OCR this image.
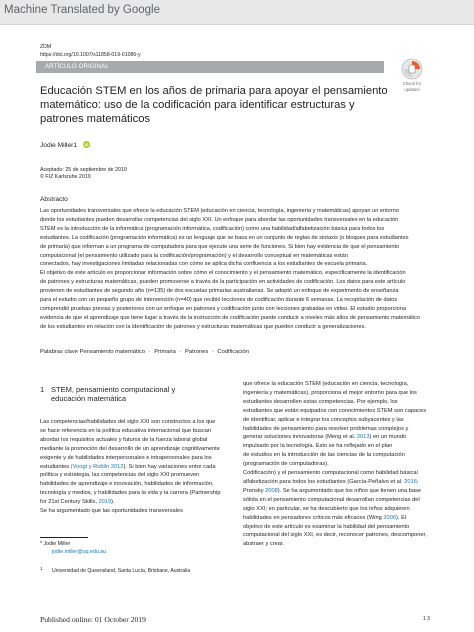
Machine Translated by Google
ZDM
https://doi.org/10.1007/s11858-019-01086-y
ARTÍCULO ORIGINAL
Check for
updates
Educación STEM en los años de primaria para apoyar el pensamiento
matemático: uso de la codificación para identificar estructuras y
patrones matemáticos
Jodie Miller1	iD
Aceptado: 25 de septiembre de 2019
© FIZ Karlsruhe 2019
Abstracto
Las oportunidades transversales que ofrece la educación STEM (educación en ciencia, tecnología, ingeniería y matemáticas) apoyan un entorno
donde los estudiantes pueden desarrollar competencias del siglo XXI. Un enfoque para abordar las oportunidades transversales en la educación
STEM es la introducción de la informática (programación informática, codificación) como una habilidad/alfabetización básica para todos los
estudiantes. La codificación (programación informática) es un lenguaje que se basa en un conjunto de reglas de sintaxis (o bloques para estudiantes
de primaria) que informan a un programa de computadora para que ejecute una serie de funciones. Si bien hay evidencia de que el pensamiento
computacional (el pensamiento utilizado para la codificación/programación) y el desarrollo conceptual en matemáticas están
conectados, hay investigaciones limitadas relacionadas con cómo se aplica dicha confluencia a los estudiantes de escuela primaria.
El objetivo de este artículo es proporcionar información sobre cómo el conocimiento y el pensamiento matemático, específicamente la identificación
de patrones y estructuras matemáticas, pueden promoverse a través de la participación en actividades de codificación. Los datos para este artículo
provienen de estudiantes de segundo año (n=135) de dos escuelas primarias australianas. Se adoptó un enfoque de experimento de enseñanza
para el estudio con un pequeño grupo de intervención (n=40) que recibió lecciones de codificación durante 6 semanas. La recopilación de datos
comprendió pruebas previas y posteriores con un enfoque en patrones y codificación junto con lecciones grabadas en video. El estudio proporciona
evidencia de que el aprendizaje que tiene lugar a través de la instrucción de codificación puede conducir a niveles más altos de pensamiento matemático
de los estudiantes en relación con la identificación de patrones y estructuras matemáticas que pueden conducir a generalizaciones.
Palabras clave Pensamiento matemático · Primaria · Patrones · Codificación
1 STEM, pensamiento computacional y
educación matemática
Las competencias/habilidades del siglo XXI son constructos a los que
se hace referencia en la política educativa internacional que buscan
abordar los requisitos actuales y futuros de la fuerza laboral global
mediante la promoción del desarrollo de un aprendizaje cognitivamente
exigente y de habilidades interpersonales e intrapersonales para los
estudiantes (Voogt y Roblin 2012). Si bien hay variaciones entre cada
política y estrategia, las competencias del siglo XXI promueven
habilidades de aprendizaje e innovación, habilidades de información,
tecnología y medios, y habilidades para la vida y la carrera (Partnership
for 21st Century Skills, 2019).
Se ha argumentado que las oportunidades transversales
que ofrece la educación STEM (educación en ciencia, tecnología,
ingeniería y matemáticas), proporciona el mejor entorno para que los
estudiantes desarrollen estas competencias. Por ejemplo, los
estudiantes que están equipados con conocimientos STEM son capaces
de identificar, aplicar e integrar los conceptos subyacentes y las
habilidades de pensamiento para resolver problemas complejos y
generar soluciones innovadoras (Meng et al. 2013) en un mundo
impulsado por la tecnología. Esto se ha reflejado en el plan
de estudios en la introducción de las ciencias de la computación
(programación de computadoras).
Codificación) y el pensamiento computacional como habilidad básica/
alfabetización para todos los estudiantes (García-Peñalvo et al. 2016;
Prensky 2008). Se ha argumentado que los niños que tienen una base
sólida en el pensamiento computacional desarrollan competencias del
siglo XXI; en particular, se ha descubierto que los niños adquieren
habilidades en pensadores críticos más eficaces (Wing 2006). El
objetivo de este artículo es examinar la habilidad del pensamiento
computacional del siglo XXI, es decir, reconocer patrones, descomponer,
abstraer y crear.
* Jodie Miller
jodie.miller@uq.edu.au
$^1$ Universidad de Queensland, Santa Lucía, Brisbane, Australia
Published online: 01 October 2019	1 3
